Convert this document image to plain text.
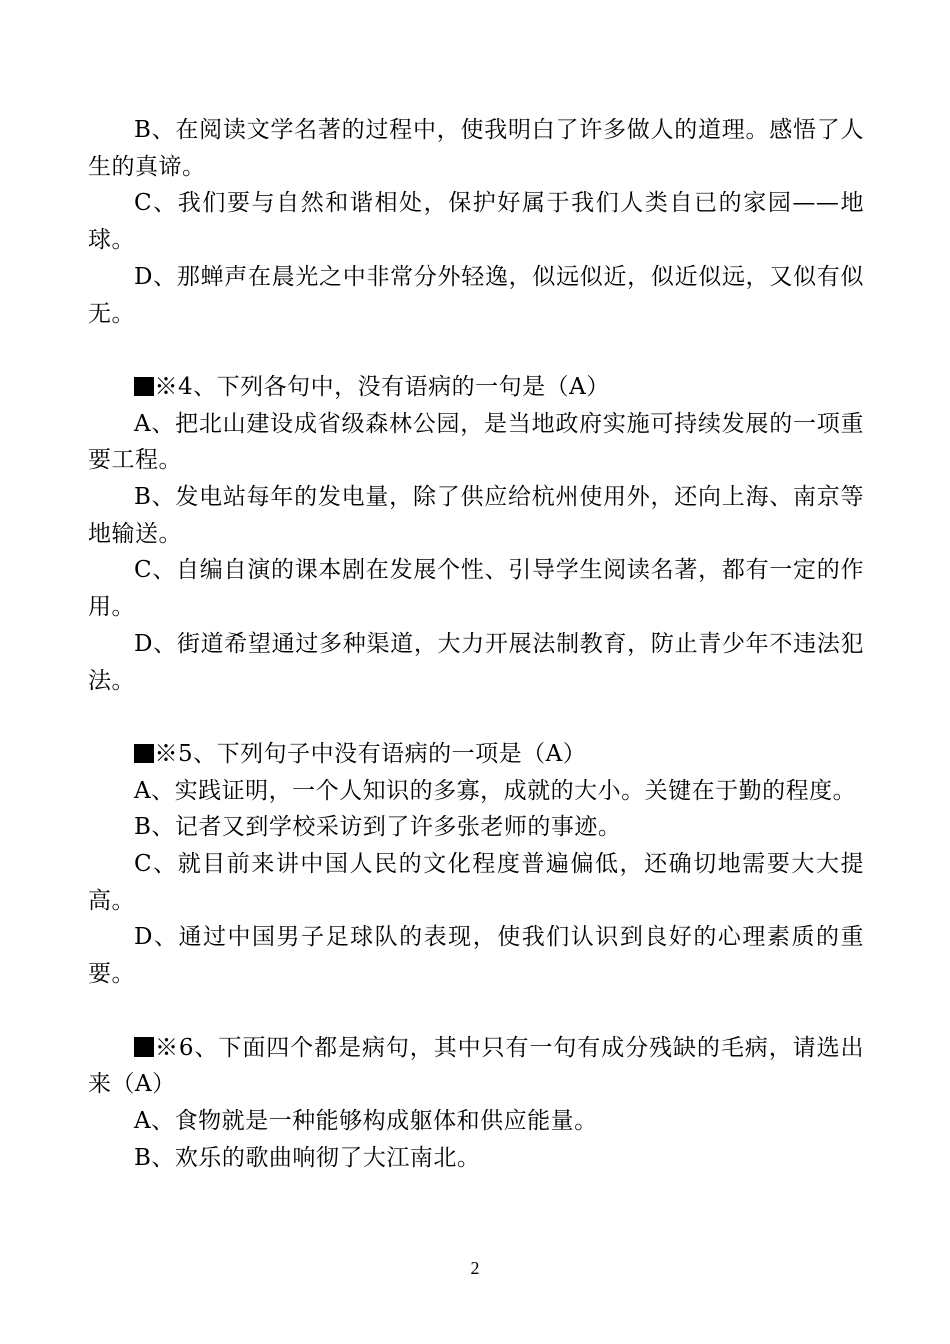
B、在阅读文学名著的过程中，使我明白了许多做人的道理。感悟了人生的真谛。

C、我们要与自然和谐相处，保护好属于我们人类自已的家园——地球。

D、那蝉声在晨光之中非常分外轻逸，似远似近，似近似远，又似有似无。

※4、下列各句中，没有语病的一句是（A）

A、把北山建设成省级森林公园，是当地政府实施可持续发展的一项重要工程。

B、发电站每年的发电量，除了供应给杭州使用外，还向上海、南京等地输送。

C、自编自演的课本剧在发展个性、引导学生阅读名著，都有一定的作用。

D、街道希望通过多种渠道，大力开展法制教育，防止青少年不违法犯法。

※5、下列句子中没有语病的一项是（A）

A、实践证明，一个人知识的多寡，成就的大小。关键在于勤的程度。

B、记者又到学校采访到了许多张老师的事迹。

C、就目前来讲中国人民的文化程度普遍偏低，还确切地需要大大提高。

D、通过中国男子足球队的表现，使我们认识到良好的心理素质的重要。

※6、下面四个都是病句，其中只有一句有成分残缺的毛病，请选出来（A）

A、食物就是一种能够构成躯体和供应能量。

B、欢乐的歌曲响彻了大江南北。

2
